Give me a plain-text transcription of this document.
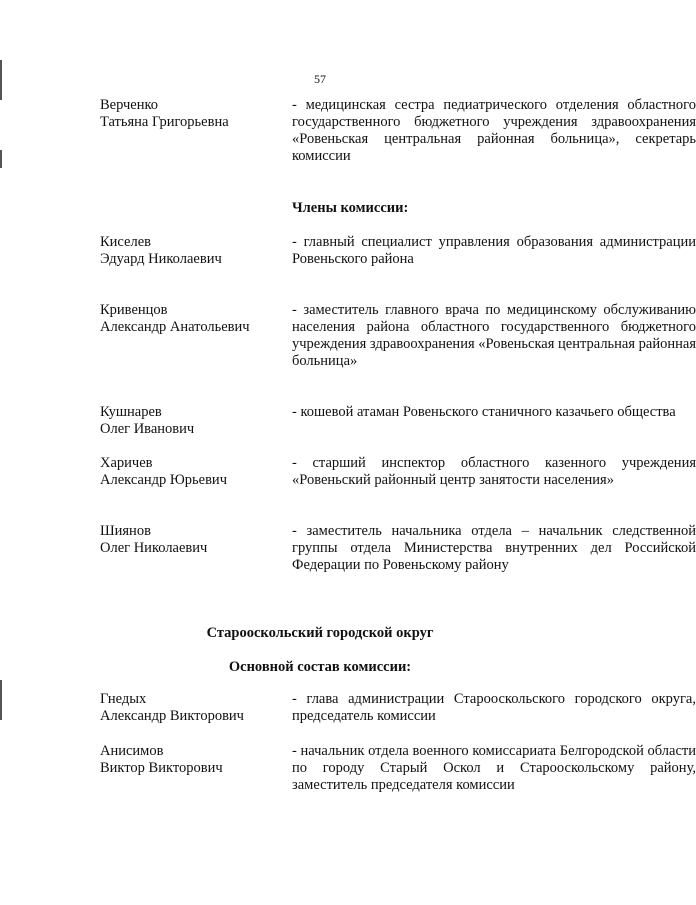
57
Верченко
Татьяна Григорьевна
- медицинская сестра педиатрического отделения областного государственного бюджетного учреждения здравоохранения «Ровеньская центральная районная больница», секретарь комиссии
Члены комиссии:
Киселев
Эдуард Николаевич
- главный специалист управления образования администрации Ровеньского района
Кривенцов
Александр Анатольевич
- заместитель главного врача по медицинскому обслуживанию населения района областного государственного бюджетного учреждения здравоохранения «Ровеньская центральная районная больница»
Кушнарев
Олег Иванович
- кошевой атаман Ровеньского станичного казачьего общества
Харичев
Александр Юрьевич
- старший инспектор областного казенного учреждения «Ровеньский районный центр занятости населения»
Шиянов
Олег Николаевич
- заместитель начальника отдела – начальник следственной группы отдела Министерства внутренних дел Российской Федерации по Ровеньскому району
Старооскольский городской округ
Основной состав комиссии:
Гнедых
Александр Викторович
- глава администрации Старооскольского городского округа, председатель комиссии
Анисимов
Виктор Викторович
- начальник отдела военного комиссариата Белгородской области по городу Старый Оскол и Старооскольскому району, заместитель председателя комиссии
